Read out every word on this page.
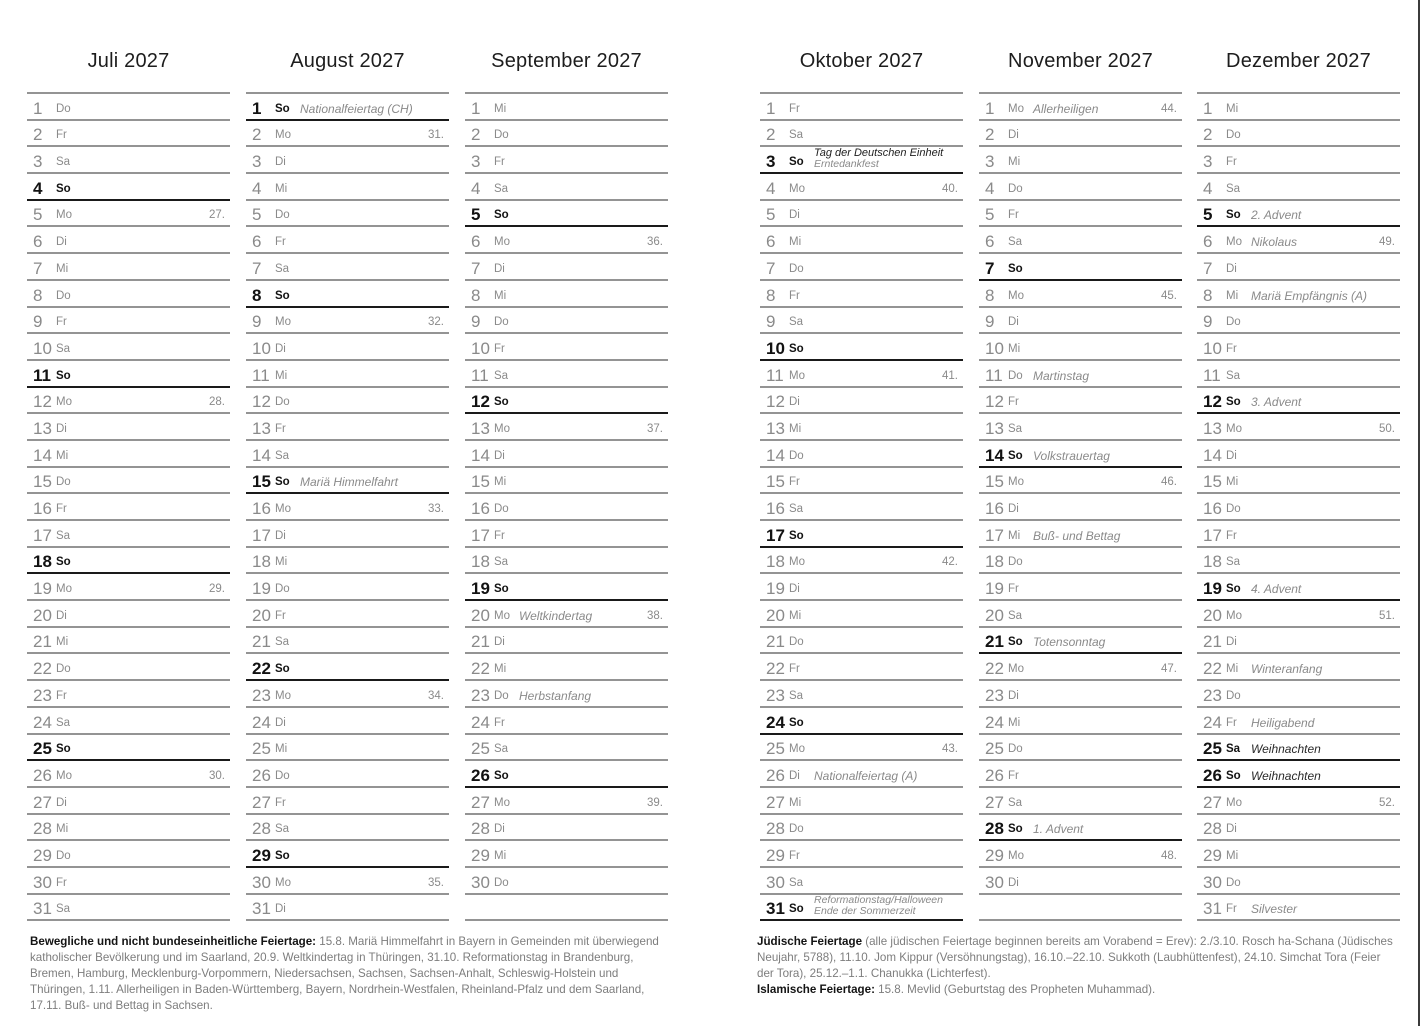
Juli 2027
1	Do
2	Fr
3	Sa
4	So
5	Mo	27.
6	Di
7	Mi
8	Do
9	Fr
10 Sa
11 So
12 Mo	28.
13 Di
14 Mi
15 Do
16 Fr
17 Sa
18 So
19 Mo	29.
20 Di
21 Mi
22 Do
23 Fr
24 Sa
25 So
26 Mo	30.
27 Di
28 Mi
29 Do
30 Fr
31 Sa
August 2027
1	So Nationalfeiertag (CH)
2	Mo	31.
3	Di
4	Mi
5	Do
6	Fr
7	Sa
8	So
9	Mo	32.
10 Di
11 Mi
12 Do
13 Fr
14 Sa
15 So Mariä Himmelfahrt
16 Mo	33.
17 Di
18 Mi
19 Do
20 Fr
21 Sa
22 So
23 Mo	34.
24 Di
25 Mi
26 Do
27 Fr
28 Sa
29 So
30 Mo	35.
31 Di
September 2027
1	Mi
2	Do
3	Fr
4	Sa
5	So
6	Mo	36.
7	Di
8	Mi
9	Do
10 Fr
11 Sa
12 So
13 Mo	37.
14 Di
15 Mi
16 Do
17 Fr
18 Sa
19 So
20 Mo Weltkindertag	38.
21 Di
22 Mi
23 Do Herbstanfang
24 Fr
25 Sa
26 So
27 Mo	39.
28 Di
29 Mi
30 Do
Oktober 2027
1	Fr
2	Sa
3	So
Tag der Deutschen Einheit
Erntedankfest
4	Mo	40.
5	Di
6	Mi
7	Do
8	Fr
9	Sa
10 So
11 Mo	41.
12 Di
13 Mi
14 Do
15 Fr
16 Sa
17 So
18 Mo	42.
19 Di
20 Mi
21 Do
22 Fr
23 Sa
24 So
25 Mo	43.
26 Di	Nationalfeiertag (A)
27 Mi
28 Do
29 Fr
30 Sa
31 So
Reformationstag/Halloween
Ende der Sommerzeit
November 2027
1	Mo Allerheiligen	44.
2	Di
3	Mi
4	Do
5	Fr
6	Sa
7	So
8	Mo	45.
9	Di
10 Mi
11 Do Martinstag
12 Fr
13 Sa
14 So Volkstrauertag
15 Mo	46.
16 Di
17 Mi	Buß- und Bettag
18 Do
19 Fr
20 Sa
21 So Totensonntag
22 Mo	47.
23 Di
24 Mi
25 Do
26 Fr
27 Sa
28 So 1. Advent
29 Mo	48.
30 Di
Dezember 2027
1	Mi
2	Do
3	Fr
4	Sa
5	So 2. Advent
6	Mo Nikolaus	49.
7	Di
8	Mi	Mariä Empfängnis (A)
9	Do
10 Fr
11 Sa
12 So 3. Advent
13 Mo	50.
14 Di
15 Mi
16 Do
17 Fr
18 Sa
19 So 4. Advent
20 Mo	51.
21 Di
22 Mi	Winteranfang
23 Do
24 Fr	Heiligabend
25 Sa Weihnachten
26 So Weihnachten
27 Mo	52.
28 Di
29 Mi
30 Do
31 Fr	Silvester

Bewegliche und nicht bundeseinheitliche Feiertage: 15.8. Mariä Himmelfahrt in Bayern in Gemeinden mit überwiegend katholischer Bevölkerung und im Saarland, 20.9. Weltkindertag in Thüringen, 31.10. Reformationstag in Brandenburg, Bremen, Hamburg, Mecklenburg-Vorpommern, Niedersachsen, Sachsen, Sachsen-Anhalt, Schleswig-Holstein und Thüringen, 1.11. Allerheiligen in Baden-Württemberg, Bayern, Nordrhein-Westfalen, Rheinland-Pfalz und dem Saarland, 17.11. Buß- und Bettag in Sachsen.

Jüdische Feiertage (alle jüdischen Feiertage beginnen bereits am Vorabend = Erev): 2./3.10. Rosch ha-Schana (Jüdisches Neujahr, 5788), 11.10. Jom Kippur (Versöhnungstag), 16.10.–22.10. Sukkoth (Laubhüttenfest), 24.10. Simchat Tora (Feier der Tora), 25.12.–1.1. Chanukka (Lichterfest).

Islamische Feiertage: 15.8. Mevlid (Geburtstag des Propheten Muhammad).
